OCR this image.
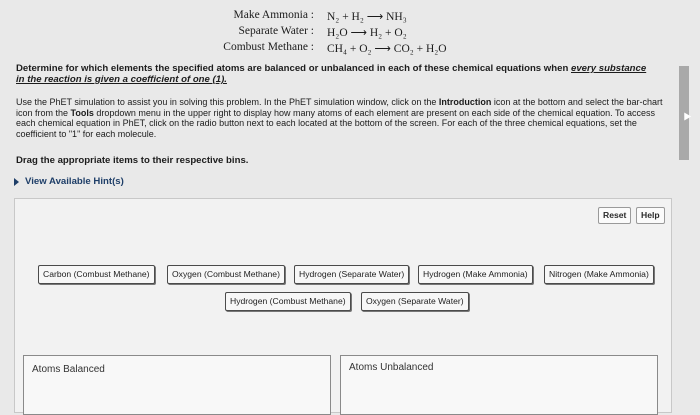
Make Ammonia : N₂ + H₂ ⟶ NH₃
Separate Water : H₂O ⟶ H₂ + O₂
Combust Methane : CH₄ + O₂ ⟶ CO₂ + H₂O
Determine for which elements the specified atoms are balanced or unbalanced in each of these chemical equations when every substance
in the reaction is given a coefficient of one (1).
Use the PhET simulation to assist you in solving this problem. In the PhET simulation window, click on the Introduction icon at the bottom and select the bar-chart icon from the Tools dropdown menu in the upper right to display how many atoms of each element are present on each side of the chemical equation. To access each chemical equation in PhET, click on the radio button next to each located at the bottom of the screen. For each of the three chemical equations, set the coefficient to "1" for each molecule.
Drag the appropriate items to their respective bins.
View Available Hint(s)
Reset	Help
Carbon (Combust Methane)	Oxygen (Combust Methane)	Hydrogen (Separate Water)	Hydrogen (Make Ammonia)	Nitrogen (Make Ammonia)
Hydrogen (Combust Methane)	Oxygen (Separate Water)
Atoms Balanced	Atoms Unbalanced
